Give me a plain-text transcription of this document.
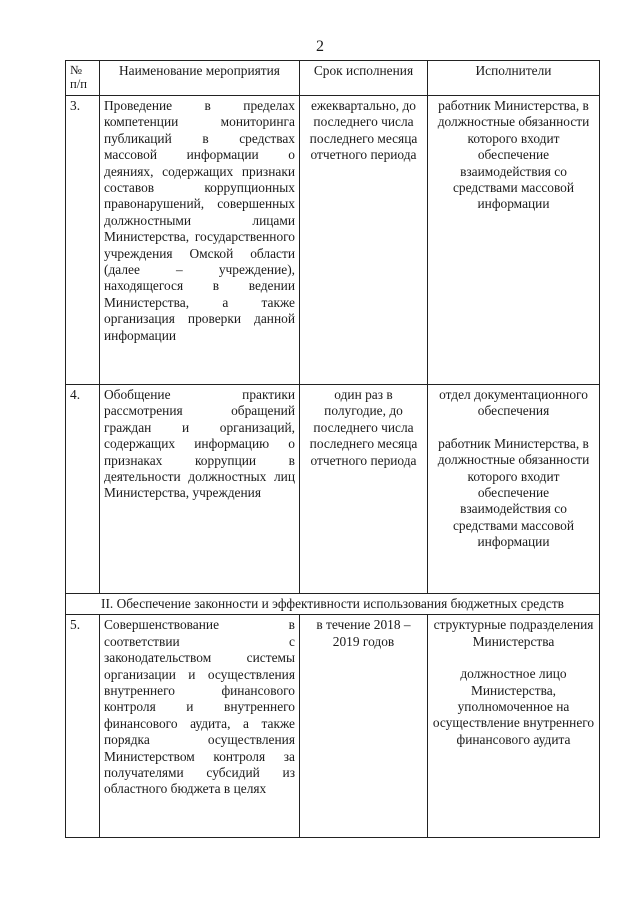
2
№ п/п	Наименование мероприятия	Срок исполнения	Исполнители
3.	Проведение в пределах компетенции мониторинга публикаций в средствах массовой информации о деяниях, содержащих признаки составов коррупционных правонарушений, совершенных должностными лицами Министерства, государственного учреждения Омской области (далее – учреждение), находящегося в ведении Министерства, а также организация проверки данной информации	ежеквартально, до последнего числа последнего месяца отчетного периода	работник Министерства, в должностные обязанности которого входит обеспечение взаимодействия со средствами массовой информации

4.	Обобщение практики рассмотрения обращений граждан и организаций, содержащих информацию о признаках коррупции в деятельности должностных лиц Министерства, учреждения	один раз в полугодие, до последнего числа последнего месяца отчетного периода	отдел документационного обеспечения
работник Министерства, в должностные обязанности которого входит обеспечение взаимодействия со средствами массовой информации

II. Обеспечение законности и эффективности использования бюджетных средств			
5.	Совершенствование в соответствии с законодательством системы организации и осуществления внутреннего финансового контроля и внутреннего финансового аудита, а также порядка осуществления Министерством контроля за получателями субсидий из областного бюджета в целях	в течение 2018 – 2019 годов	структурные подразделения Министерства
должностное лицо Министерства, уполномоченное на осуществление внутреннего финансового аудита
